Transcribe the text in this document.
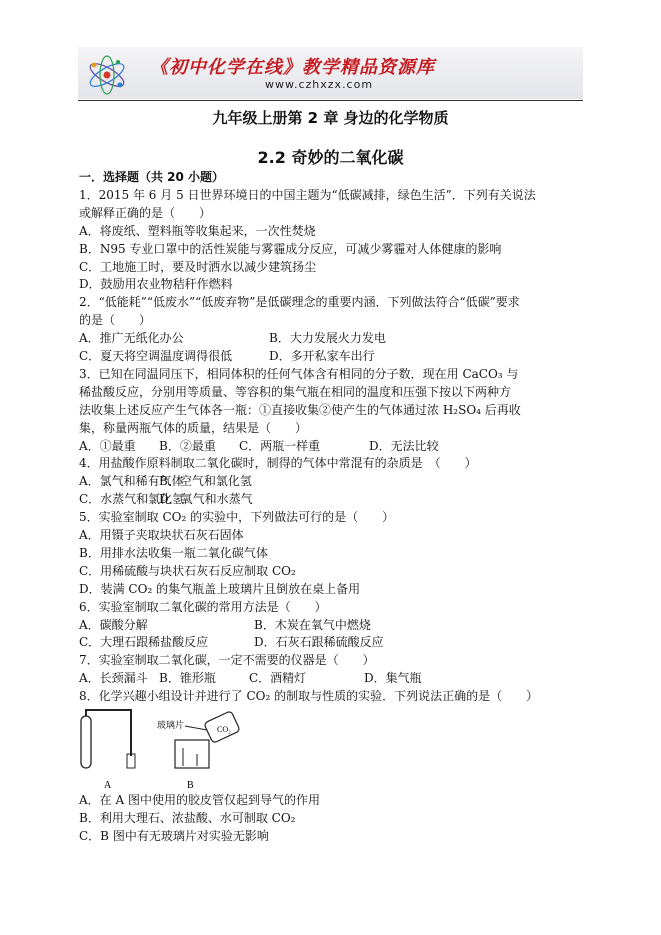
《初中化学在线》教学精品资源库
www.czhxzx.com
九年级上册第 2 章 身边的化学物质
2.2 奇妙的二氧化碳

一．选择题（共 20 小题）

1．2015 年 6 月 5 日世界环境日的中国主题为“低碳减排，绿色生活”．下列有关说法

或解释正确的是（　　）

A．将废纸、塑料瓶等收集起来，一次性焚烧

B．N95 专业口罩中的活性炭能与雾霾成分反应，可减少雾霾对人体健康的影响

C．工地施工时，要及时洒水以减少建筑扬尘

D．鼓励用农业物秸秆作燃料

2．“低能耗”“低废水”“低废弃物”是低碳理念的重要内涵．下列做法符合“低碳”要求

的是（　　）

A．推广无纸化办公	B．大力发展火力发电

C．夏天将空调温度调得很低	D．多开私家车出行

3．已知在同温同压下，相同体积的任何气体含有相同的分子数．现在用 CaCO₃ 与

稀盐酸反应，分别用等质量、等容积的集气瓶在相同的温度和压强下按以下两种方

法收集上述反应产生气体各一瓶：①直接收集②使产生的气体通过浓 H₂SO₄ 后再收

集，称量两瓶气体的质量，结果是（　　）

A．①最重 B．②最重 C．两瓶一样重	D．无法比较

4．用盐酸作原料制取二氧化碳时，制得的气体中常混有的杂质是　（　　）

A．氯气和稀有气体
B．空气和氯化氢

C．水蒸气和氯化氢
D．氧气和水蒸气

5．实验室制取 CO₂ 的实验中，下列做法可行的是（　　）

A．用镊子夹取块状石灰石固体

B．用排水法收集一瓶二氧化碳气体

C．用稀硫酸与块状石灰石反应制取 CO₂

D．装满 CO₂ 的集气瓶盖上玻璃片且倒放在桌上备用

6．实验室制取二氧化碳的常用方法是（　　）

A．碳酸分解	B．木炭在氧气中燃烧

C．大理石跟稀盐酸反应	D．石灰石跟稀硫酸反应

7．实验室制取二氧化碳，一定不需要的仪器是（　　）

A．长颈漏斗 B．锥形瓶	C．酒精灯	D．集气瓶

8．化学兴趣小组设计并进行了 CO₂ 的制取与性质的实验．下列说法正确的是（　　）

A
玻璃片	CO₂
B

A．在 A 图中使用的胶皮管仅起到导气的作用

B．利用大理石、浓盐酸、水可制取 CO₂

C．B 图中有无玻璃片对实验无影响
